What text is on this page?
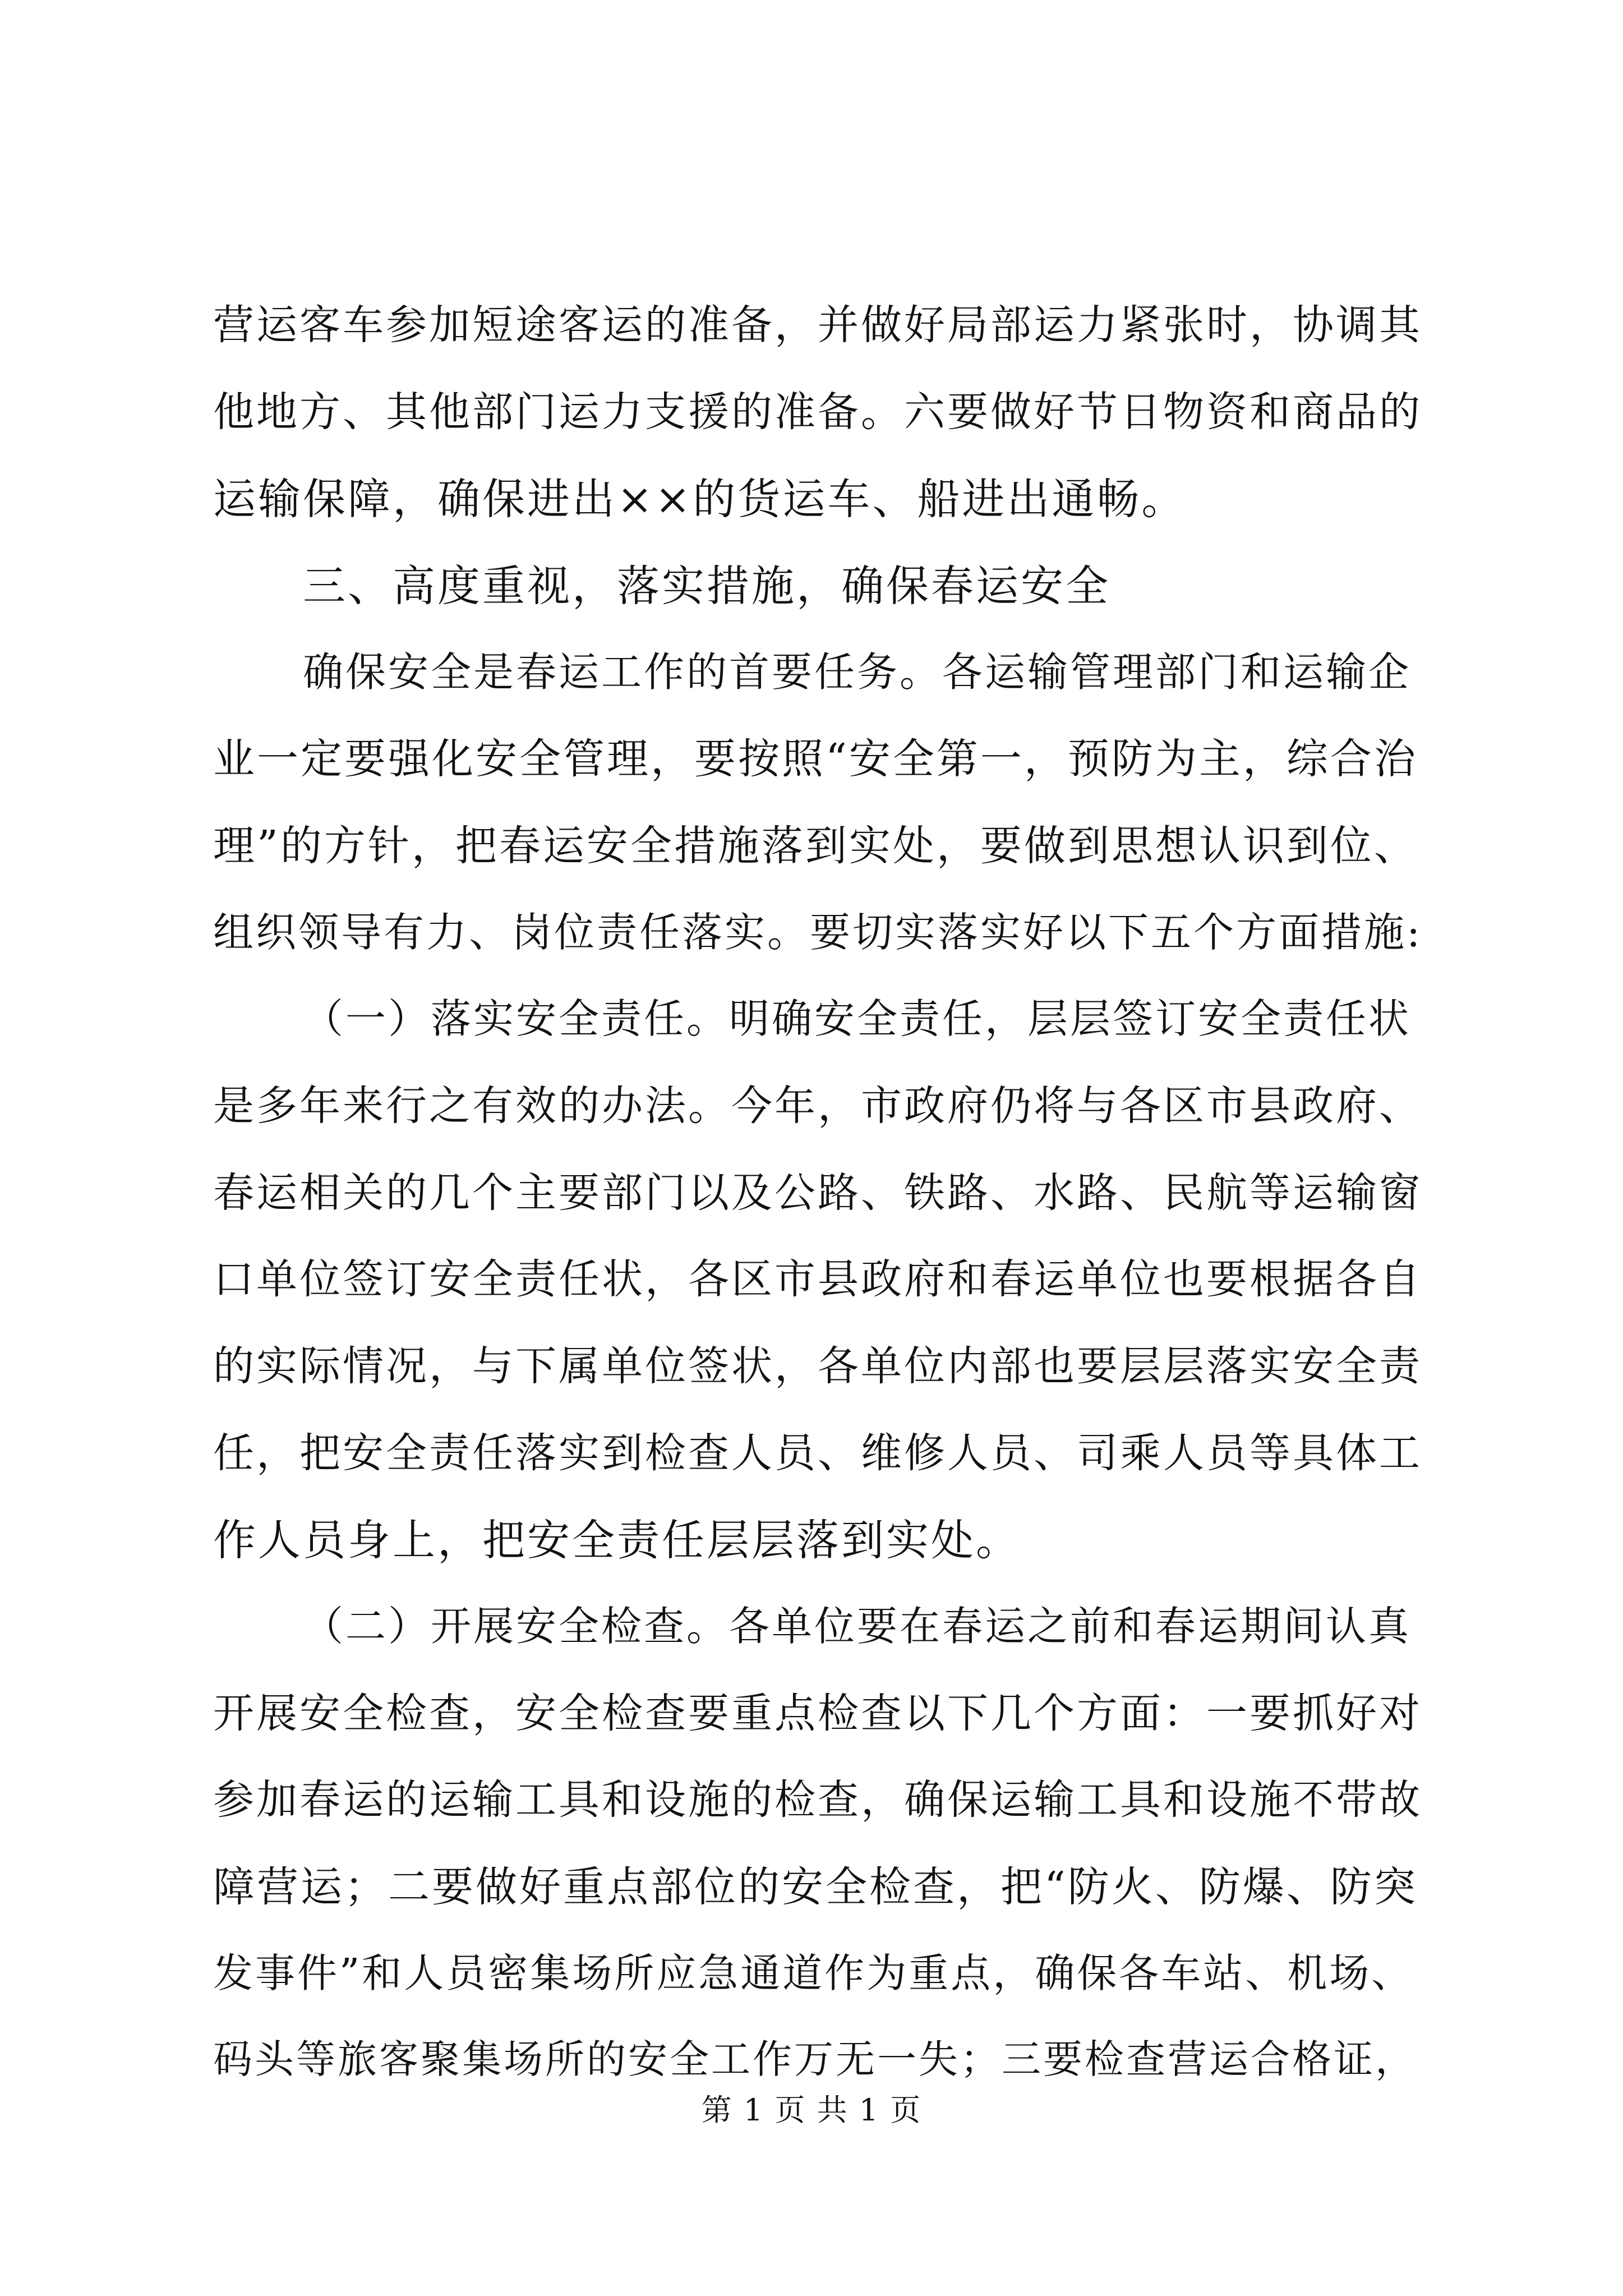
营运客车参加短途客运的准备，并做好局部运力紧张时，协调其
他地方、其他部门运力支援的准备。六要做好节日物资和商品的
运输保障，确保进出××的货运车、船进出通畅。
三、高度重视，落实措施，确保春运安全
确保安全是春运工作的首要任务。各运输管理部门和运输企
业一定要强化安全管理，要按照“安全第一，预防为主，综合治
理”的方针，把春运安全措施落到实处，要做到思想认识到位、
组织领导有力、岗位责任落实。要切实落实好以下五个方面措施:
（一）落实安全责任。明确安全责任，层层签订安全责任状
是多年来行之有效的办法。今年，市政府仍将与各区市县政府、
春运相关的几个主要部门以及公路、铁路、水路、民航等运输窗
口单位签订安全责任状，各区市县政府和春运单位也要根据各自
的实际情况，与下属单位签状，各单位内部也要层层落实安全责
任，把安全责任落实到检查人员、维修人员、司乘人员等具体工
作人员身上，把安全责任层层落到实处。
（二）开展安全检查。各单位要在春运之前和春运期间认真
开展安全检查，安全检查要重点检查以下几个方面：一要抓好对
参加春运的运输工具和设施的检查，确保运输工具和设施不带故
障营运；二要做好重点部位的安全检查，把“防火、防爆、防突
发事件”和人员密集场所应急通道作为重点，确保各车站、机场、
码头等旅客聚集场所的安全工作万无一失；三要检查营运合格证，
第 1 页 共 1 页
